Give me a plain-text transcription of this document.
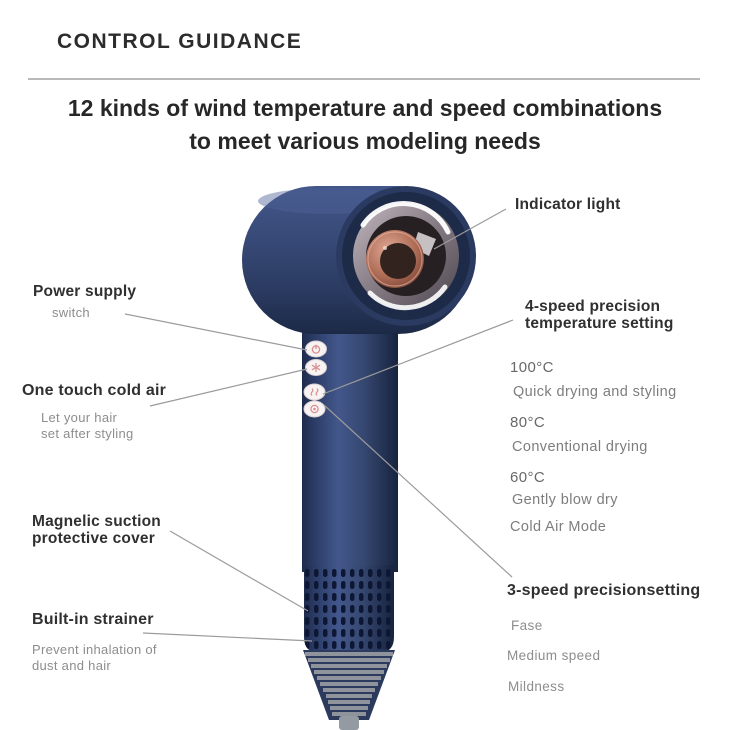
CONTROL GUIDANCE
12 kinds of wind temperature and speed combinations
to meet various modeling needs
Power supply
switch
One touch cold air
Let your hair
set after styling
Magnelic suction
protective cover
Built-in strainer
Prevent inhalation of
dust and hair
Indicator light
4-speed precision
temperature setting
100°C
Quick drying and styling
80°C
Conventional drying
60°C
Gently blow dry
Cold Air Mode
3-speed precisionsetting
Fase
Medium speed
Mildness
